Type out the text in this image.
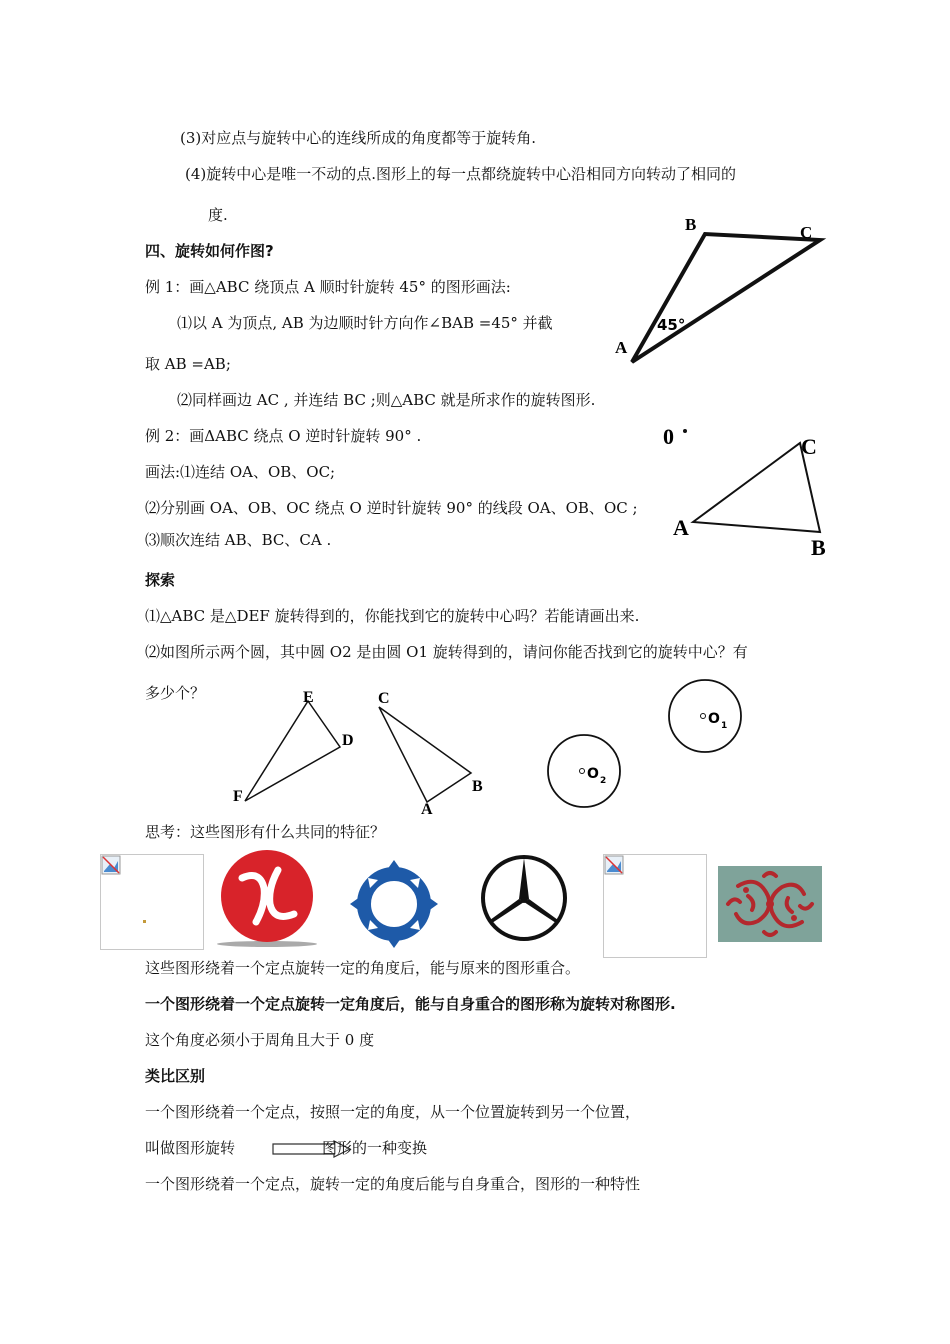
(3)对应点与旋转中心的连线所成的角度都等于旋转角.
(4)旋转中心是唯一不动的点.图形上的每一点都绕旋转中心沿相同方向转动了相同的
度.
四、旋转如何作图?
例 1：画△ABC 绕顶点 A 顺时针旋转 45° 的图形画法:
⑴以 A 为顶点, AB 为边顺时针方向作∠BAB =45° 并截
取 AB =AB;
⑵同样画边 AC , 并连结 BC ;则△ABC 就是所求作的旋转图形.
例 2：画ΔABC 绕点 O 逆时针旋转 90° .
画法:⑴连结 OA、OB、OC;
⑵分别画 OA、OB、OC 绕点 O 逆时针旋转 90° 的线段 OA、OB、OC ;
⑶顺次连结 AB、BC、CA .
探索
⑴△ABC 是△DEF 旋转得到的，你能找到它的旋转中心吗？若能请画出来.
⑵如图所示两个圆，其中圆 O2 是由圆 O1 旋转得到的，请问你能否找到它的旋转中心？有
多少个？
思考：这些图形有什么共同的特征？
这些图形绕着一个定点旋转一定的角度后，能与原来的图形重合。
一个图形绕着一个定点旋转一定角度后，能与自身重合的图形称为旋转对称图形.
这个角度必须小于周角且大于 0 度
类比区别
一个图形绕着一个定点，按照一定的角度，从一个位置旋转到另一个位置，
叫做图形旋转	图形的一种变换
一个图形绕着一个定点，旋转一定的角度后能与自身重合，图形的一种特性
B	C
A
45°
0	C
A
B
E
D
F
C
B
A
O 1
O 2
